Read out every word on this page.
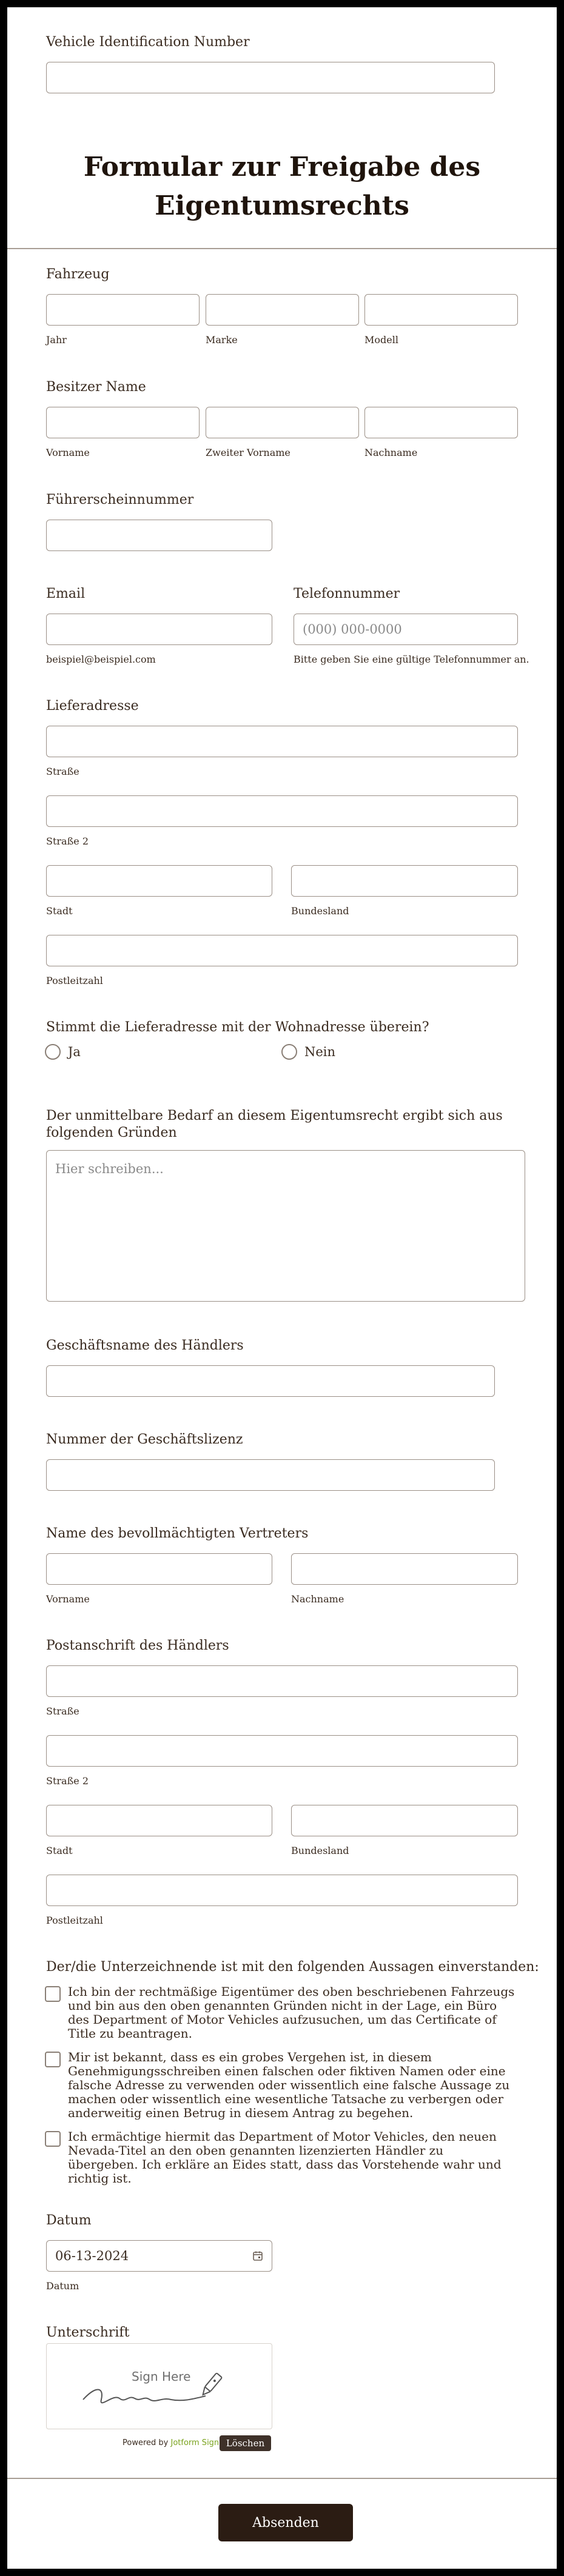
Vehicle Identification Number
Formular zur Freigabe des Eigentumsrechts
Fahrzeug
Jahr	Marke	Modell
Besitzer Name
Vorname	Zweiter Vorname	Nachname
Führerscheinnummer
Email
beispiel@beispiel.com
Telefonnummer
(000) 000-0000
Bitte geben Sie eine gültige Telefonnummer an.
Lieferadresse
Straße
Straße 2
Stadt	Bundesland
Postleitzahl
Stimmt die Lieferadresse mit der Wohnadresse überein?
Ja	Nein
Der unmittelbare Bedarf an diesem Eigentumsrecht ergibt sich aus folgenden Gründen
Hier schreiben...
Geschäftsname des Händlers
Nummer der Geschäftslizenz
Name des bevollmächtigten Vertreters
Vorname	Nachname
Postanschrift des Händlers
Straße
Straße 2
Stadt	Bundesland
Postleitzahl
Der/die Unterzeichnende ist mit den folgenden Aussagen einverstanden:
Ich bin der rechtmäßige Eigentümer des oben beschriebenen Fahrzeugs und bin aus den oben genannten Gründen nicht in der Lage, ein Büro des Department of Motor Vehicles aufzusuchen, um das Certificate of Title zu beantragen.
Mir ist bekannt, dass es ein grobes Vergehen ist, in diesem Genehmigungsschreiben einen falschen oder fiktiven Namen oder eine falsche Adresse zu verwenden oder wissentlich eine falsche Aussage zu machen oder wissentlich eine wesentliche Tatsache zu verbergen oder anderweitig einen Betrug in diesem Antrag zu begehen.
Ich ermächtige hiermit das Department of Motor Vehicles, den neuen Nevada-Titel an den oben genannten lizenzierten Händler zu übergeben. Ich erkläre an Eides statt, dass das Vorstehende wahr und richtig ist.
Datum
06-13-2024
Datum
Unterschrift
Sign Here
Powered by Jotform Sign Löschen
Absenden
